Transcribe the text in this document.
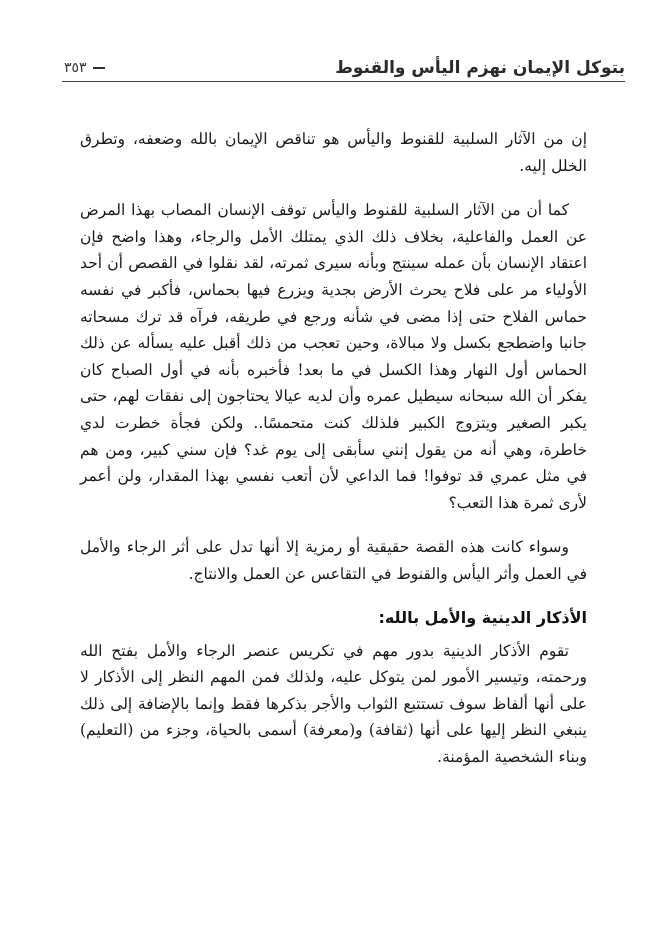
بتوكل الإيمان نهزم اليأس والقنوط
٣٥٣

إن من الآثار السلبية للقنوط واليأس هو تناقص الإيمان بالله وضعفه، وتطرق الخلل إليه.

كما أن من الآثار السلبية للقنوط واليأس توقف الإنسان المصاب بهذا المرض عن العمل والفاعلية، بخلاف ذلك الذي يمتلك الأمل والرجاء، وهذا واضح فإن اعتقاد الإنسان بأن عمله سينتج وبأنه سيرى ثمرته، لقد نقلوا في القصص أن أحد الأولياء مر على فلاح يحرث الأرض بجدية ويزرع فيها بحماس، فأكبر في نفسه حماس الفلاح حتى إذا مضى في شأنه ورجع في طريقه، فرآه قد ترك مسحاته جانبا واضطجع بكسل ولا مبالاة، وحين تعجب من ذلك أقبل عليه يسأله عن ذلك الحماس أول النهار وهذا الكسل في ما بعد! فأخبره بأنه في أول الصباح كان يفكر أن الله سبحانه سيطيل عمره وأن لديه عيالا يحتاجون إلى نفقات لهم، حتى يكبر الصغير ويتزوج الكبير فلذلك كنت متحمسًا.. ولكن فجأة خطرت لدي خاطرة، وهي أنه من يقول إنني سأبقى إلى يوم غد؟ فإن سني كبير، ومن هم في مثل عمري قد توفوا! فما الداعي لأن أتعب نفسي بهذا المقدار، ولن أعمر لأرى ثمرة هذا التعب؟

وسواء كانت هذه القصة حقيقية أو رمزية إلا أنها تدل على أثر الرجاء والأمل في العمل وأثر اليأس والقنوط في التقاعس عن العمل والانتاج.

الأذكار الدينية والأمل بالله:

تقوم الأذكار الدينية بدور مهم في تكريس عنصر الرجاء والأمل بفتح الله ورحمته، وتيسير الأمور لمن يتوكل عليه، ولذلك فمن المهم النظر إلى الأذكار لا على أنها ألفاظ سوف تستتبع الثواب والأجر بذكرها فقط وإنما بالإضافة إلى ذلك ينبغي النظر إليها على أنها (ثقافة) و(معرفة) أسمى بالحياة، وجزء من (التعليم) وبناء الشخصية المؤمنة.
